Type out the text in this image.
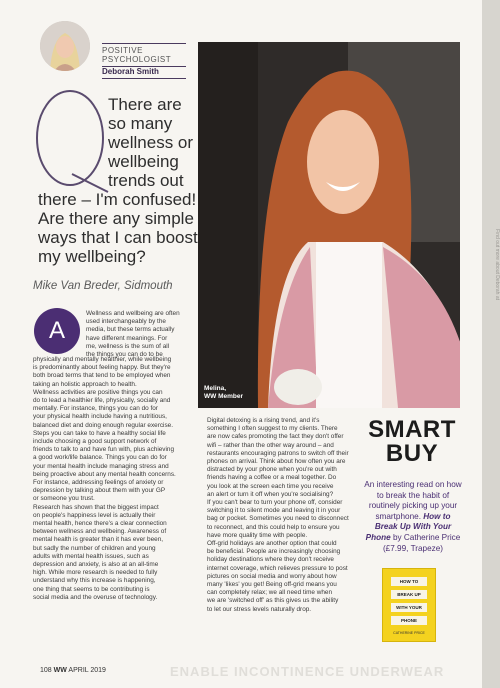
POSITIVE
PSYCHOLOGIST
Deborah Smith
There are
so many
wellness or
wellbeing
trends out
there – I'm confused!
Are there any simple
ways that I can boost
my wellbeing?
Mike Van Breder, Sidmouth
A
Wellness and wellbeing are often
used interchangeably by the
media, but these terms actually
have different meanings. For
me, wellness is the sum of all
the things you can do to be
physically and mentally healthier, while wellbeing
is predominantly about feeling happy. But they're
both broad terms that tend to be employed when
taking an holistic approach to health.
Wellness activities are positive things you can
do to lead a healthier life, physically, socially and
mentally. For instance, things you can do for
your physical health include having a nutritious,
balanced diet and doing enough regular exercise.
Steps you can take to have a healthy social life
include choosing a good support network of
friends to talk to and have fun with, plus achieving
a good work/life balance. Things you can do for
your mental health include managing stress and
being proactive about any mental health concerns.
For instance, addressing feelings of anxiety or
depression by talking about them with your GP
or someone you trust.
Research has shown that the biggest impact
on people's happiness level is actually their
mental health, hence there's a clear connection
between wellness and wellbeing. Awareness of
mental health is greater than it has ever been,
but sadly the number of children and young
adults with mental health issues, such as
depression and anxiety, is also at an all-time
high. While more research is needed to fully
understand why this increase is happening,
one thing that seems to be contributing is
social media and the overuse of technology.
Melina,
WW Member
Digital detoxing is a rising trend, and it's
something I often suggest to my clients. There
are now cafes promoting the fact they don't offer
wifi – rather than the other way around – and
restaurants encouraging patrons to switch off their
phones on arrival. Think about how often you are
distracted by your phone when you're out with
friends having a coffee or a meal together. Do
you look at the screen each time you receive
an alert or turn it off when you're socialising?
If you can't bear to turn your phone off, consider
switching it to silent mode and leaving it in your
bag or pocket. Sometimes you need to disconnect
to reconnect, and this could help to ensure you
have more quality time with people.
Off-grid holidays are another option that could
be beneficial. People are increasingly choosing
holiday destinations where they don't receive
internet coverage, which relieves pressure to post
pictures on social media and worry about how
many 'likes' you get! Being off-grid means you
can completely relax; we all need time when
we are 'switched off' as this gives us the ability
to let our stress levels naturally drop.
SMART
BUY
An interesting read on how to break the habit of routinely picking up your smartphone. How to Break Up With Your Phone by Catherine Price (£7.99, Trapeze)
HOW TO
BREAK UP
WITH YOUR
PHONE
CATHERINE PRICE
ENABLE INCONTINENCE UNDERWEAR
108 WW APRIL 2019
Find out more about Deborah at
